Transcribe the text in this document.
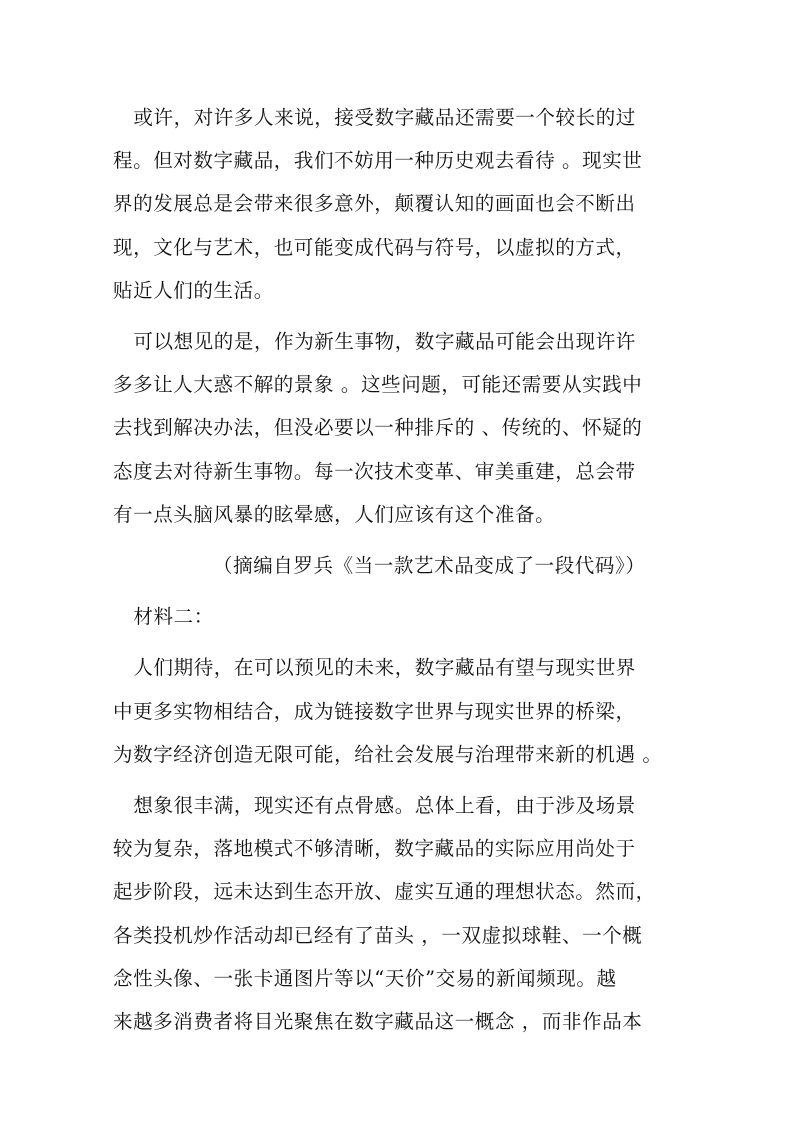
或许，对许多人来说，接受数字藏品还需要一个较长的过
程。但对数字藏品，我们不妨用一种历史观去看待 。现实世
界的发展总是会带来很多意外，颠覆认知的画面也会不断出
现，文化与艺术，也可能变成代码与符号，以虚拟的方式，
贴近人们的生活。

可以想见的是，作为新生事物，数字藏品可能会出现许许
多多让人大惑不解的景象 。这些问题，可能还需要从实践中
去找到解决办法，但没必要以一种排斥的 、传统的、怀疑的
态度去对待新生事物。每一次技术变革、审美重建，总会带
有一点头脑风暴的眩晕感，人们应该有这个准备。

（摘编自罗兵《当一款艺术品变成了一段代码》）

材料二：

人们期待，在可以预见的未来，数字藏品有望与现实世界
中更多实物相结合，成为链接数字世界与现实世界的桥梁，
为数字经济创造无限可能，给社会发展与治理带来新的机遇 。

想象很丰满，现实还有点骨感。总体上看，由于涉及场景
较为复杂，落地模式不够清晰，数字藏品的实际应用尚处于
起步阶段，远未达到生态开放、虚实互通的理想状态。然而，
各类投机炒作活动却已经有了苗头 ，一双虚拟球鞋、一个概
念性头像、一张卡通图片等以“天价”交易的新闻频现。越
来越多消费者将目光聚焦在数字藏品这一概念 ，而非作品本
